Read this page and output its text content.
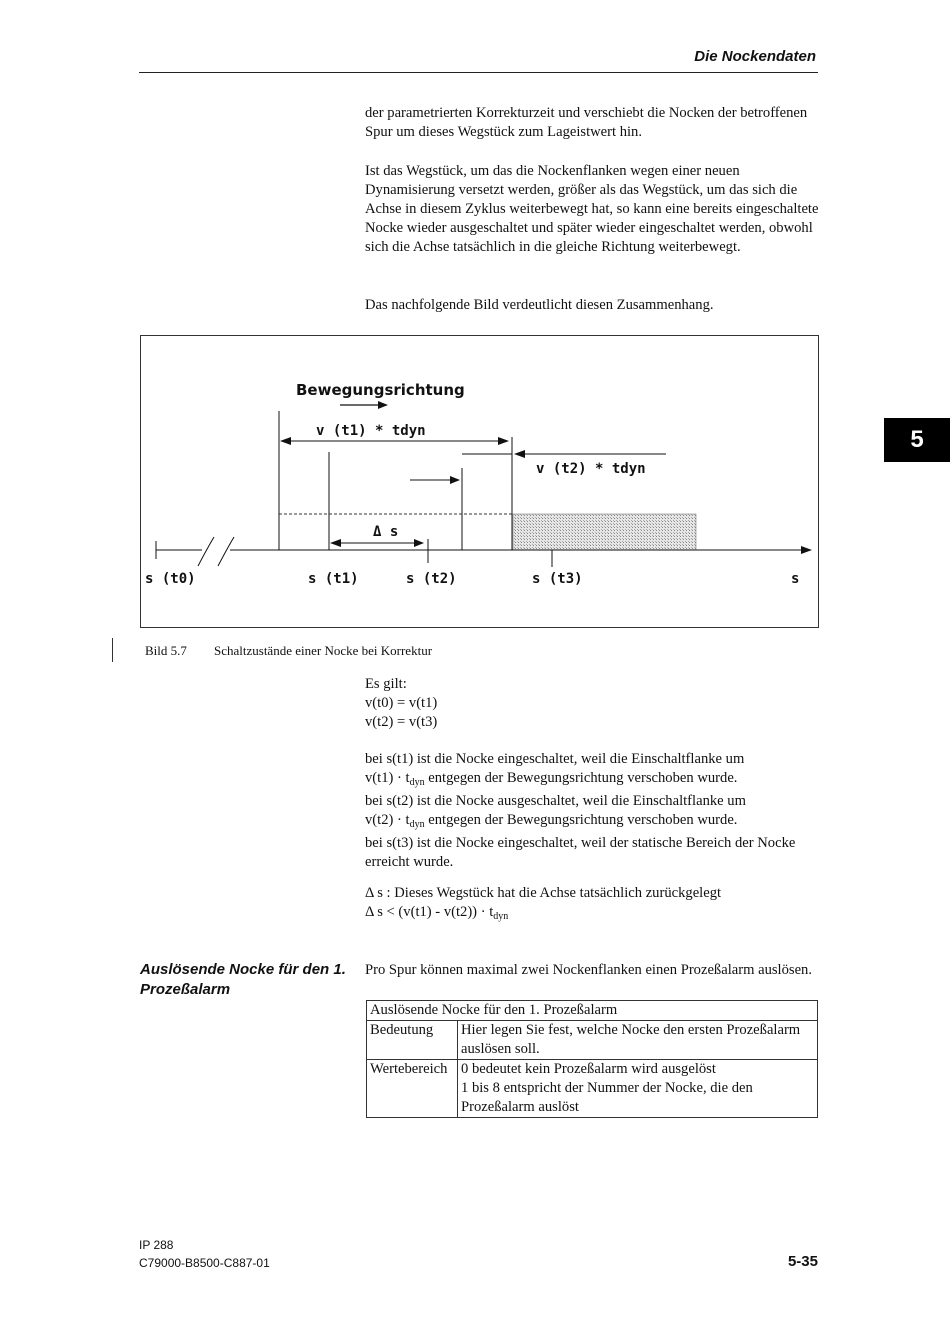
Die Nockendaten
5

der parametrierten Korrekturzeit und verschiebt die Nocken der betroffenen Spur um dieses Wegstück zum Lageistwert hin.

Ist das Wegstück, um das die Nockenflanken wegen einer neuen Dynamisierung versetzt werden, größer als das Wegstück, um das sich die Achse in diesem Zyklus weiterbewegt hat, so kann eine bereits eingeschaltete Nocke wieder ausgeschaltet und später wieder eingeschaltet werden, obwohl sich die Achse tatsächlich in die gleiche Richtung weiterbewegt.

Das nachfolgende Bild verdeutlicht diesen Zusammenhang.

Bewegungsrichtung
v (t1) * tdyn
v (t2) * tdyn
Δ s
s (t0)	s (t1)	s (t2)	s (t3)	s
Bild 5.7 Schaltzustände einer Nocke bei Korrektur

Es gilt:

v(t0) = v(t1)

v(t2) = v(t3)

bei s(t1) ist die Nocke eingeschaltet, weil die Einschaltflanke um

$v(t1) \cdot t_{dyn}$ entgegen der Bewegungsrichtung verschoben wurde.

bei s(t2) ist die Nocke ausgeschaltet, weil die Einschaltflanke um

$v(t2) \cdot t_{dyn}$ entgegen der Bewegungsrichtung verschoben wurde.

bei s(t3) ist die Nocke eingeschaltet, weil der statische Bereich der Nocke erreicht wurde.

Δ s : Dieses Wegstück hat die Achse tatsächlich zurückgelegt

Δ $s < (v(t1) - v(t2)) \cdot t_{dyn}$

Auslösende Nocke für den 1. Prozeßalarm
Pro Spur können maximal zwei Nockenflanken einen Prozeßalarm auslösen.
Auslösende Nocke für den 1. Prozeßalarm	
Bedeutung	Hier legen Sie fest, welche Nocke den ersten Prozeßalarm auslösen soll.
Wertebereich	0 bedeutet kein Prozeßalarm wird ausgelöst
1 bis 8 entspricht der Nummer der Nocke, die den Prozeßalarm auslöst
IP 288
C79000-B8500-C887-01	5-35
